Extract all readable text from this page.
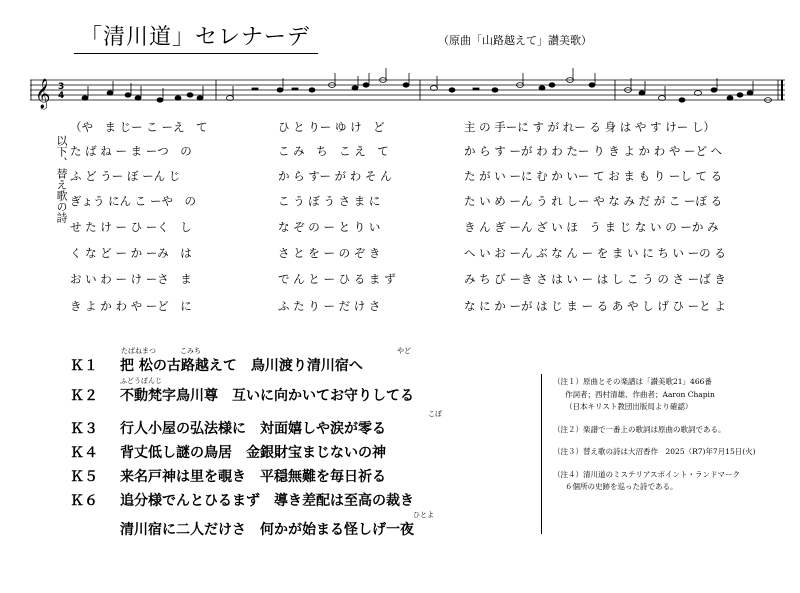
「清川道」セレナーデ	（原曲「山路越えて」讃美歌）
𝄞 3
4
以下、替え歌の詩
（や　ま じー こ ーえ　て	ひ と りー ゆ け　ど	主 の 手ーに す が れー る 身 は や す けー し）
た ば ね ー ま ーつ　の	こ み　ち　こ え　て	か ら す ーが わ わ たー り き よ か わ や ーど へ
ふ ど うー ぼ ーん じ	か ら すー が わ そ ん	た が い ーに む か いー て お ま も り ーし て る
ぎょう にん こ ーや　の	こ う ぼ う さ ま に	た い め ーん う れ しー や な み だ が こ ーぼ る
せ た け ー ひ ーく　し	な ぞ の ー と り い	き ん ぎ ーん ざ い ほ　う ま じ な い の ーか み
く な ど ー か ーみ　は	さ と を ー の ぞ き	へ い お ーん ぶ な ん ー を ま い に ち い ーの る
お い わ ー け ーさ　ま	で ん と ー ひ る ま ず	み ち び ーき さ は い ー は し こ う の さ ーば き
き よ か わ や ーど　に	ふ た り ー だ け さ	な に か ーが は じ ま ー る あ や し げ ひ ーと よ
Ｋ１	把 松の古路越えて　鳥川渡り清川宿へ
たばねまつ	こみち	やど
Ｋ２	不動梵字鳥川尊　互いに向かいてお守りしてる
ふどうぼんじ
Ｋ３	行人小屋の弘法様に　対面嬉しや涙が零る
こぼ
Ｋ４	背丈低し謎の鳥居　金銀財宝まじないの神
Ｋ５	来名戸神は里を覗き　平穏無難を毎日祈る
Ｋ６	追分様でんとひるまず　導き差配は至高の裁き
清川宿に二人だけさ　何かが始まる怪しげ一夜
ひとよ
（注１）原曲とその楽譜は「讃美歌21」466番
作詞者；西村清雄、作曲者；Aaron Chapin
（日本キリスト教団出版局より確認）
（注２）楽譜で一番上の歌詞は原曲の歌詞である。
（注３）替え歌の詩は大沼香作　2025（R7)年7月15日(火)
（注４）清川道のミステリアスポイント・ランドマーク
６個所の史跡を巡った詩である。
